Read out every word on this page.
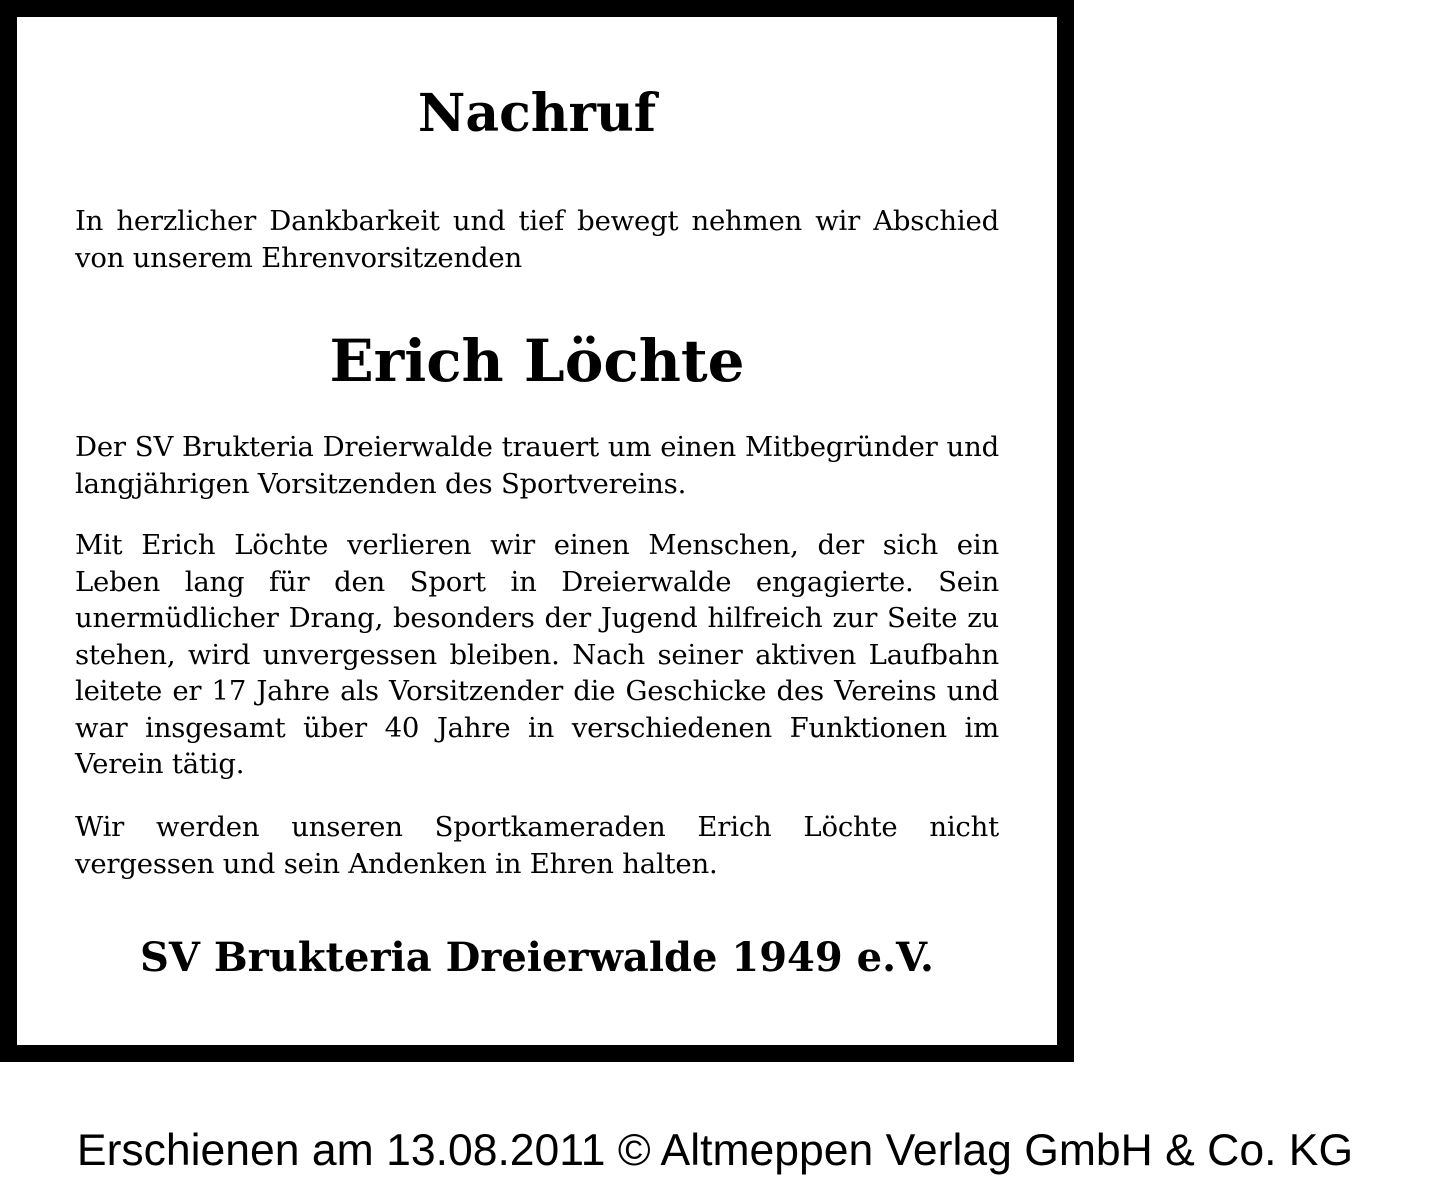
Nachruf

In herzlicher Dankbarkeit und tief bewegt nehmen wir Abschied von unserem Ehrenvorsitzenden

Erich Löchte

Der SV Brukteria Dreierwalde trauert um einen Mitbegründer und langjährigen Vorsitzenden des Sportvereins.

Mit Erich Löchte verlieren wir einen Menschen, der sich ein Leben lang für den Sport in Dreierwalde engagierte. Sein unermüdlicher Drang, besonders der Jugend hilfreich zur Seite zu stehen, wird unvergessen bleiben. Nach seiner aktiven Laufbahn leitete er 17 Jahre als Vorsitzender die Geschicke des Vereins und war insgesamt über 40 Jahre in verschiedenen Funktionen im Verein tätig.

Wir werden unseren Sportkameraden Erich Löchte nicht vergessen und sein Andenken in Ehren halten.

SV Brukteria Dreierwalde 1949 e.V.
Erschienen am 13.08.2011 © Altmeppen Verlag GmbH & Co. KG
